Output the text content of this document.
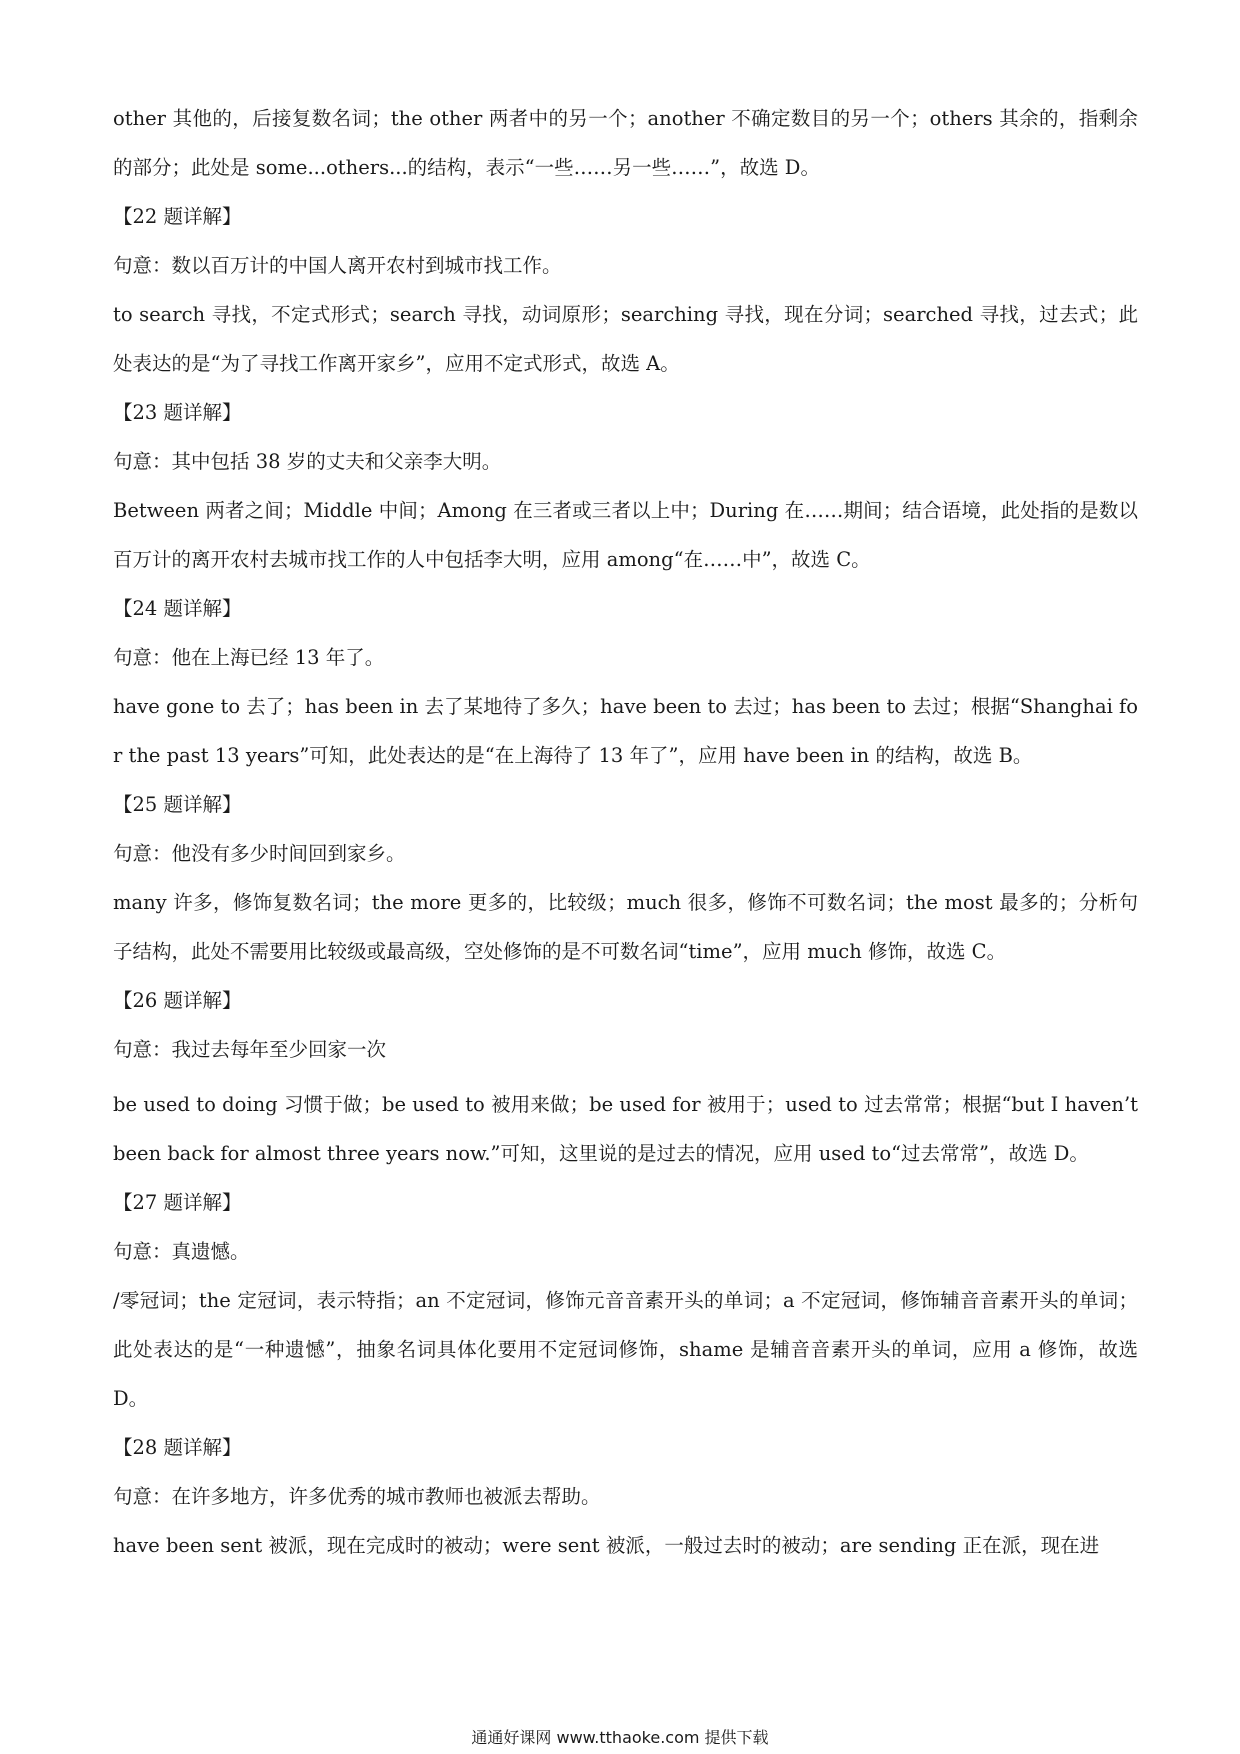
other 其他的，后接复数名词；the other 两者中的另一个；another 不确定数目的另一个；others 其余的，指剩余的部分；此处是 some...others...的结构，表示“一些……另一些……”，故选 D。

【22 题详解】

句意：数以百万计的中国人离开农村到城市找工作。

to search 寻找，不定式形式；search 寻找，动词原形；searching 寻找，现在分词；searched 寻找，过去式；此处表达的是“为了寻找工作离开家乡”，应用不定式形式，故选 A。

【23 题详解】

句意：其中包括 38 岁的丈夫和父亲李大明。

Between 两者之间；Middle 中间；Among 在三者或三者以上中；During 在……期间；结合语境，此处指的是数以百万计的离开农村去城市找工作的人中包括李大明，应用 among“在……中”，故选 C。

【24 题详解】

句意：他在上海已经 13 年了。

have gone to 去了；has been in 去了某地待了多久；have been to 去过；has been to 去过；根据“Shanghai for the past 13 years”可知，此处表达的是“在上海待了 13 年了”，应用 have been in 的结构，故选 B。

【25 题详解】

句意：他没有多少时间回到家乡。

many 许多，修饰复数名词；the more 更多的，比较级；much 很多，修饰不可数名词；the most 最多的；分析句子结构，此处不需要用比较级或最高级，空处修饰的是不可数名词“time”，应用 much 修饰，故选 C。

【26 题详解】

句意：我过去每年至少回家一次

be used to doing 习惯于做；be used to 被用来做；be used for 被用于；used to 过去常常；根据“but I haven’t been back for almost three years now.”可知，这里说的是过去的情况，应用 used to“过去常常”，故选 D。

【27 题详解】

句意：真遗憾。

/零冠词；the 定冠词，表示特指；an 不定冠词，修饰元音音素开头的单词；a 不定冠词，修饰辅音音素开头的单词；此处表达的是“一种遗憾”，抽象名词具体化要用不定冠词修饰，shame 是辅音音素开头的单词，应用 a 修饰，故选 D。

【28 题详解】

句意：在许多地方，许多优秀的城市教师也被派去帮助。

have been sent 被派，现在完成时的被动；were sent 被派，一般过去时的被动；are sending 正在派，现在进

通通好课网 www.tthaoke.com 提供下载
